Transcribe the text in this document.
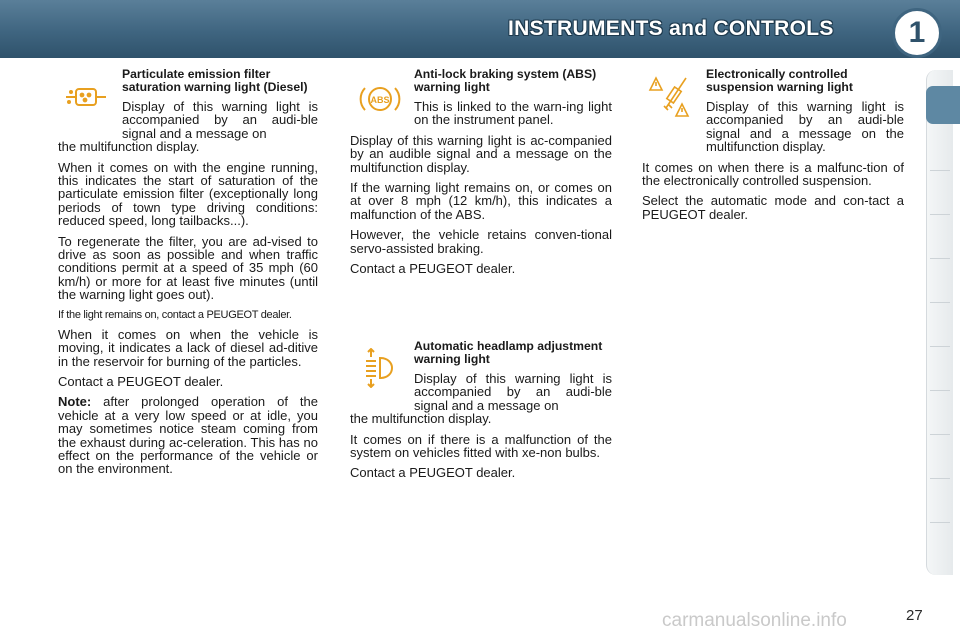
INSTRUMENTS and CONTROLS	1
Particulate emission filter saturation warning light (Diesel)

Display of this warning light is accompanied by an audi-ble signal and a message on

the multifunction display.

When it comes on with the engine running, this indicates the start of saturation of the particulate emission filter (exceptionally long periods of town type driving conditions: reduced speed, long tailbacks...).

To regenerate the filter, you are ad-vised to drive as soon as possible and when traffic conditions permit at a speed of 35 mph (60 km/h) or more for at least five minutes (until the warning light goes out).

If the light remains on, contact a PEUGEOT dealer.

When it comes on when the vehicle is moving, it indicates a lack of diesel ad-ditive in the reservoir for burning of the particles.

Contact a PEUGEOT dealer.

Note: after prolonged operation of the vehicle at a very low speed or at idle, you may sometimes notice steam coming from the exhaust during ac-celeration. This has no effect on the performance of the vehicle or on the environment.

ABS
Anti-lock braking system (ABS) warning light

This is linked to the warn-ing light on the instrument panel.

Display of this warning light is ac-companied by an audible signal and a message on the multifunction display.

If the warning light remains on, or comes on at over 8 mph (12 km/h), this indicates a malfunction of the ABS.

However, the vehicle retains conven-tional servo-assisted braking.

Contact a PEUGEOT dealer.

Automatic headlamp adjustment warning light

Display of this warning light is accompanied by an audi-ble signal and a message on

the multifunction display.

It comes on if there is a malfunction of the system on vehicles fitted with xe-non bulbs.

Contact a PEUGEOT dealer.

Electronically controlled suspension warning light

Display of this warning light is accompanied by an audi-ble signal and a message on the multifunction display.

It comes on when there is a malfunc-tion of the electronically controlled suspension.

Select the automatic mode and con-tact a PEUGEOT dealer.

carmanualsonline.info	27
